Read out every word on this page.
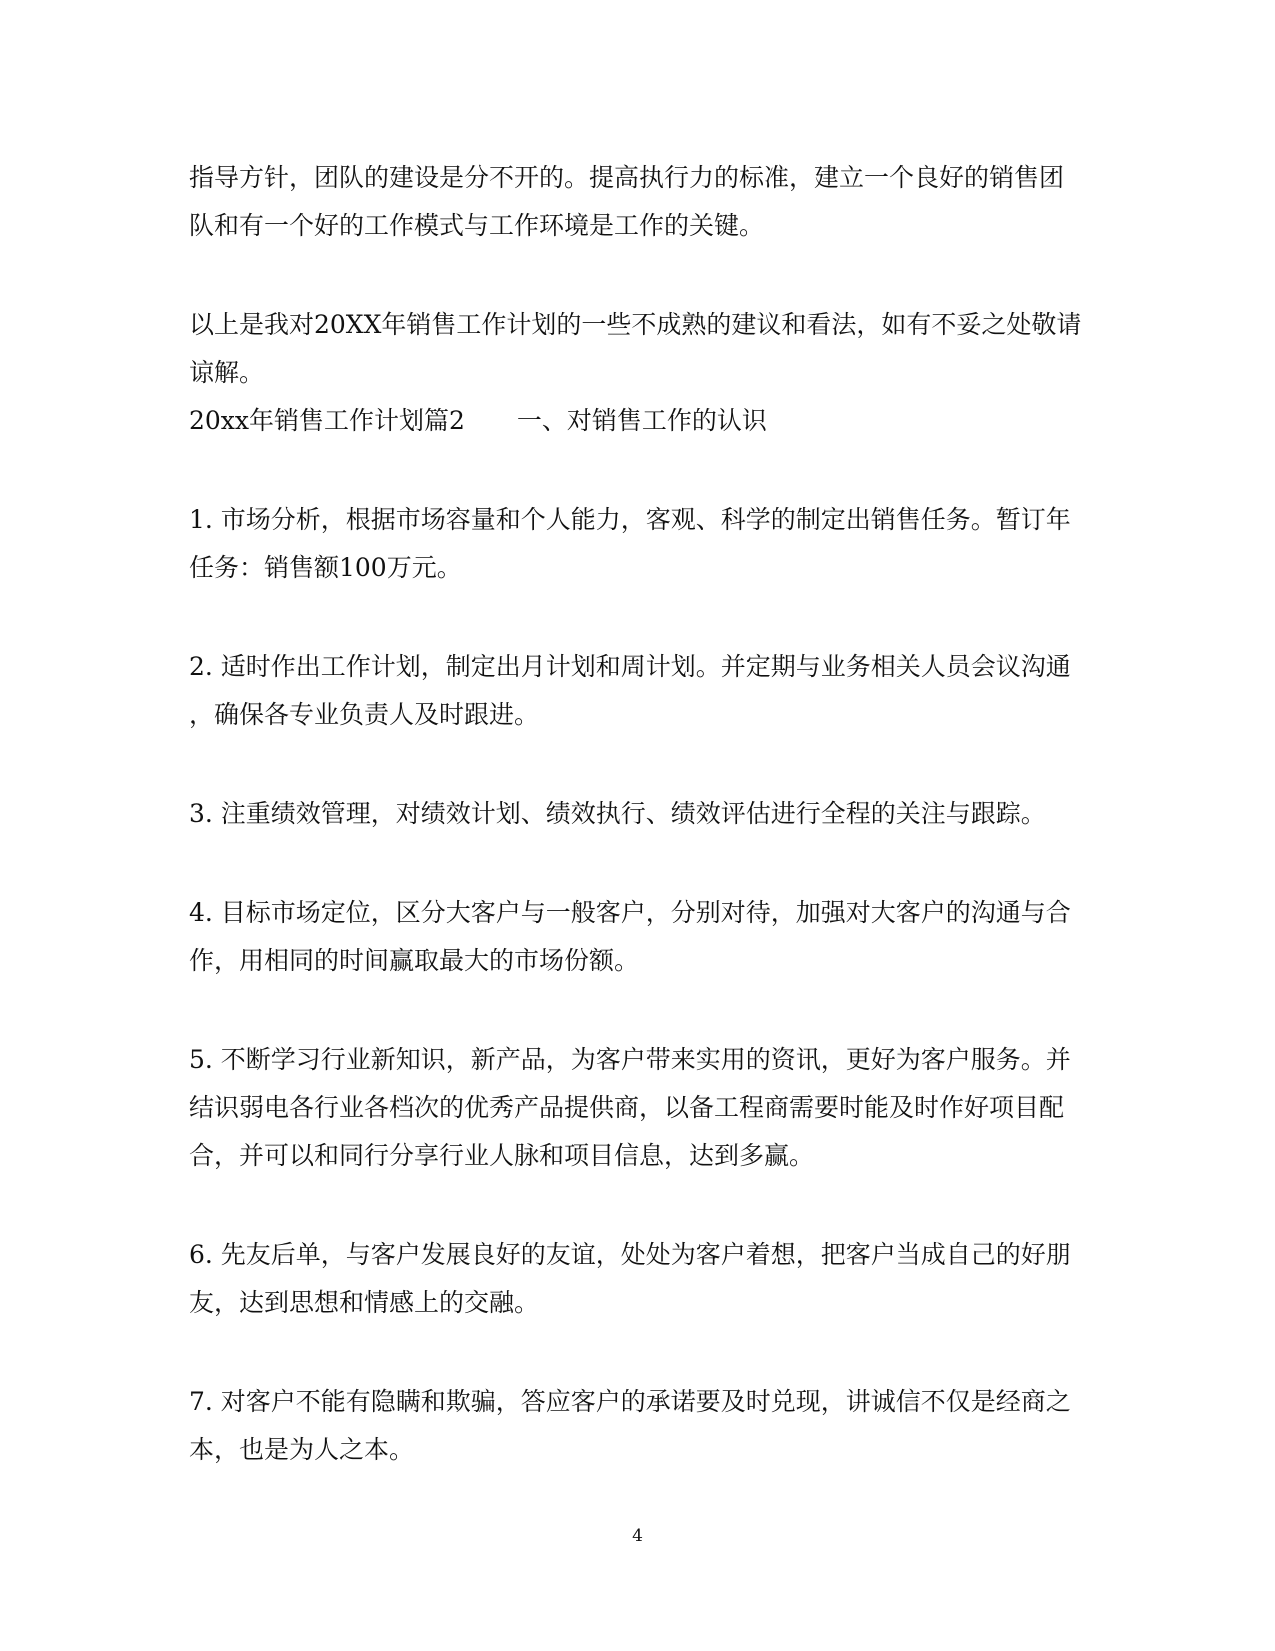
指导方针，团队的建设是分不开的。提高执行力的标准，建立一个良好的销售团

队和有一个好的工作模式与工作环境是工作的关键。

以上是我对20XX年销售工作计划的一些不成熟的建议和看法，如有不妥之处敬请

谅解。

20xx年销售工作计划篇2 一、对销售工作的认识

1. 市场分析，根据市场容量和个人能力，客观、科学的制定出销售任务。暂订年

任务：销售额100万元。

2. 适时作出工作计划，制定出月计划和周计划。并定期与业务相关人员会议沟通

，确保各专业负责人及时跟进。

3. 注重绩效管理，对绩效计划、绩效执行、绩效评估进行全程的关注与跟踪。

4. 目标市场定位，区分大客户与一般客户，分别对待，加强对大客户的沟通与合

作，用相同的时间赢取最大的市场份额。

5. 不断学习行业新知识，新产品，为客户带来实用的资讯，更好为客户服务。并

结识弱电各行业各档次的优秀产品提供商，以备工程商需要时能及时作好项目配

合，并可以和同行分享行业人脉和项目信息，达到多赢。

6. 先友后单，与客户发展良好的友谊，处处为客户着想，把客户当成自己的好朋

友，达到思想和情感上的交融。

7. 对客户不能有隐瞒和欺骗，答应客户的承诺要及时兑现，讲诚信不仅是经商之

本，也是为人之本。

4
